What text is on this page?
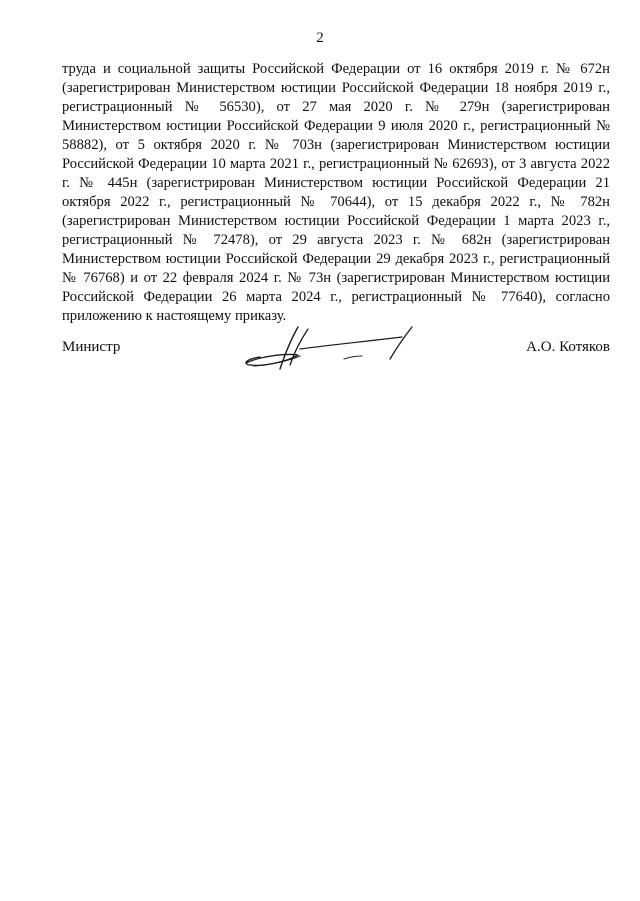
2

труда и социальной защиты Российской Федерации от 16 октября 2019 г. № 672н (зарегистрирован Министерством юстиции Российской Федерации 18 ноября 2019 г., регистрационный № 56530), от 27 мая 2020 г. № 279н (зарегистрирован Министерством юстиции Российской Федерации 9 июля 2020 г., регистрационный № 58882), от 5 октября 2020 г. № 703н (зарегистрирован Министерством юстиции Российской Федерации 10 марта 2021 г., регистрационный № 62693), от 3 августа 2022 г. № 445н (зарегистрирован Министерством юстиции Российской Федерации 21 октября 2022 г., регистрационный № 70644), от 15 декабря 2022 г., № 782н (зарегистрирован Министерством юстиции Российской Федерации 1 марта 2023 г., регистрационный № 72478), от 29 августа 2023 г. № 682н (зарегистрирован Министерством юстиции Российской Федерации 29 декабря 2023 г., регистрационный № 76768) и от 22 февраля 2024 г. № 73н (зарегистрирован Министерством юстиции Российской Федерации 26 марта 2024 г., регистрационный № 77640), согласно приложению к настоящему приказу.

Министр	А.О. Котяков
